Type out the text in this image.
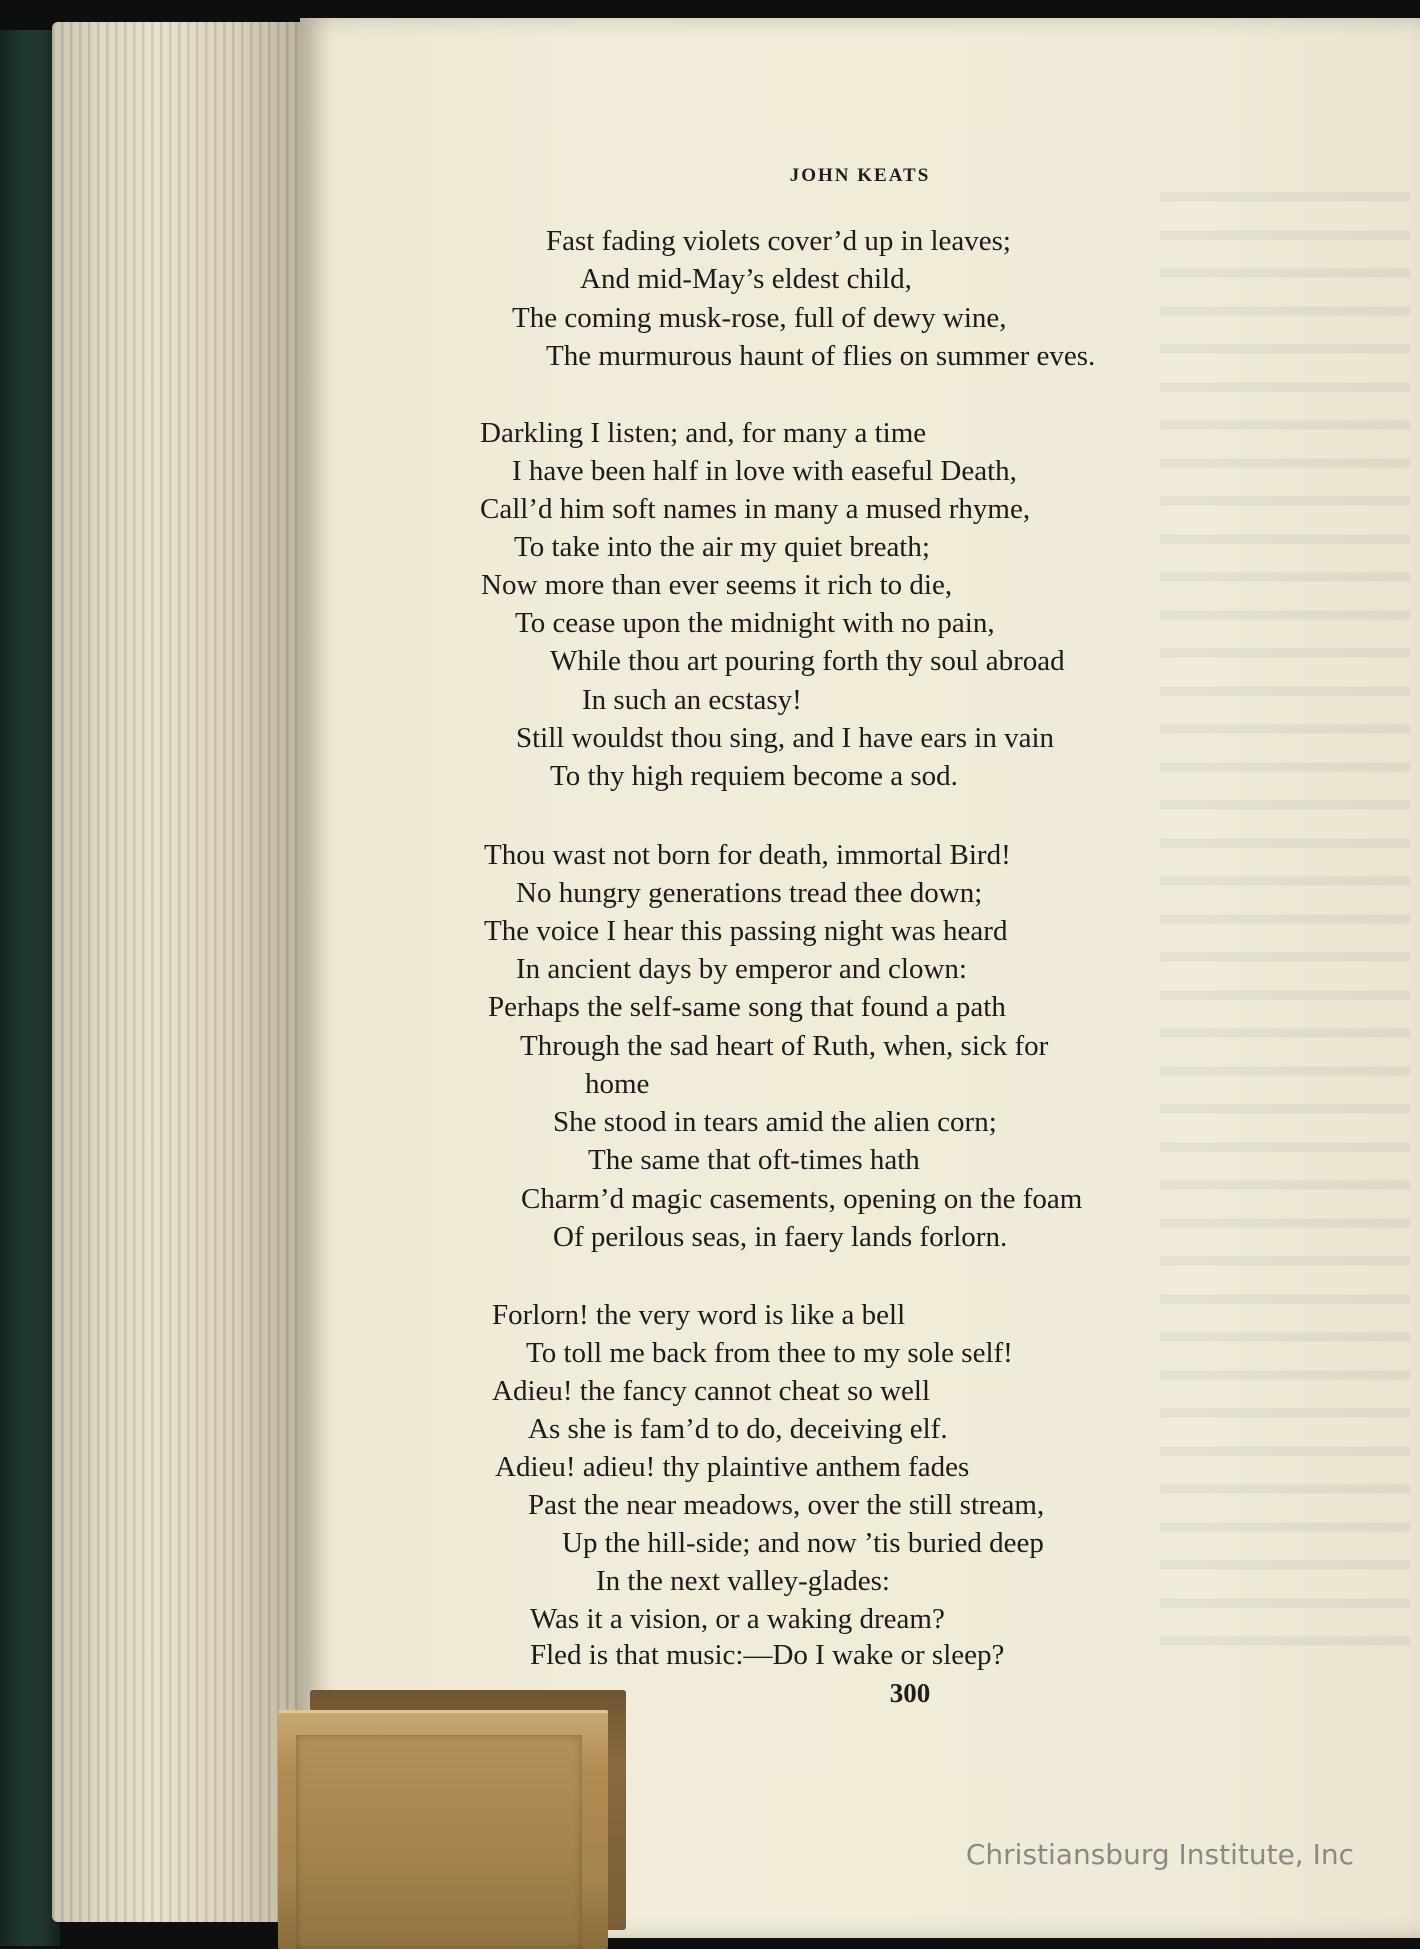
JOHN KEATS
Fast fading violets cover’d up in leaves;
And mid-May’s eldest child,
The coming musk-rose, full of dewy wine,
The murmurous haunt of flies on summer eves.
Darkling I listen; and, for many a time
I have been half in love with easeful Death,
Call’d him soft names in many a mused rhyme,
To take into the air my quiet breath;
Now more than ever seems it rich to die,
To cease upon the midnight with no pain,
While thou art pouring forth thy soul abroad
In such an ecstasy!
Still wouldst thou sing, and I have ears in vain
To thy high requiem become a sod.
Thou wast not born for death, immortal Bird!
No hungry generations tread thee down;
The voice I hear this passing night was heard
In ancient days by emperor and clown:
Perhaps the self-same song that found a path
Through the sad heart of Ruth, when, sick for
home
She stood in tears amid the alien corn;
The same that oft-times hath
Charm’d magic casements, opening on the foam
Of perilous seas, in faery lands forlorn.
Forlorn! the very word is like a bell
To toll me back from thee to my sole self!
Adieu! the fancy cannot cheat so well
As she is fam’d to do, deceiving elf.
Adieu! adieu! thy plaintive anthem fades
Past the near meadows, over the still stream,
Up the hill-side; and now ’tis buried deep
In the next valley-glades:
Was it a vision, or a waking dream?
Fled is that music:—Do I wake or sleep?
300
Christiansburg Institute, Inc
